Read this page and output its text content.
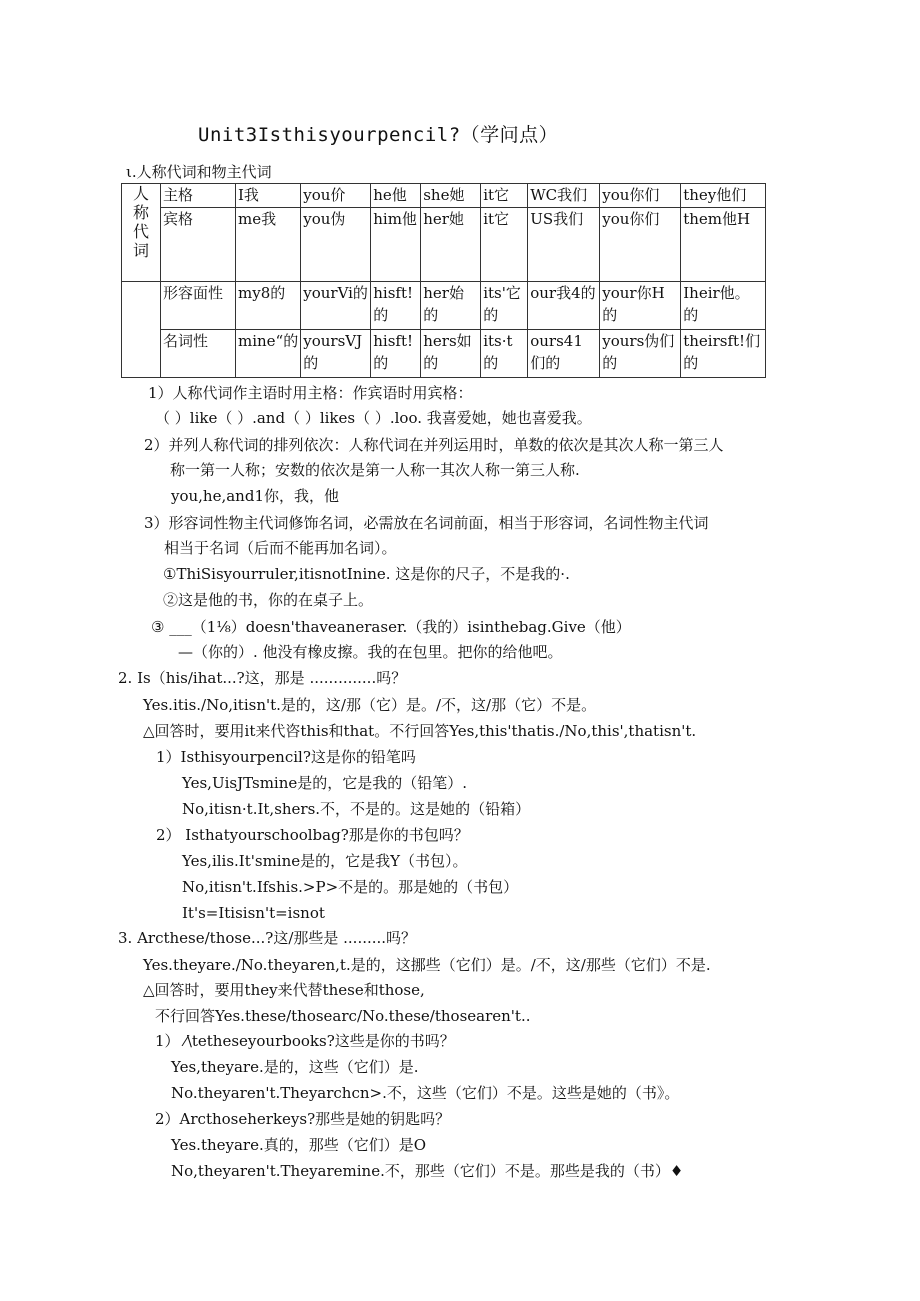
Unit3Isthisyourpencil?（学问点）
ι.人称代词和物主代词
人称代词	主格	I我	you价	he他	she她	it它	WC我们	you你们	they他们
	宾格	me我	you伪	him他	her她	it它	US我们	you你们	them他H
	形容面性	my8的	yourVi的	hisft!的	her始的	its'它的	our我4的	your你H的	Iheir他。的
	名词性	mine“的	yoursVJ的	hisft!的	hers如的	its·t的	ours41们的	yours伪们的	theirsft!们的
1）人称代词作主语时用主格：作宾语时用宾格：
（ ）like（ ）.and（ ）likes（ ）.loo. 我喜爱她，她也喜爱我。
2）并列人称代词的排列依次：人称代词在并列运用时，单数的依次是其次人称一第三人
称一第一人称；安数的依次是第一人称一其次人称一第三人称.
you,he,and1你，我，他
3）形容词性物主代词修饰名词，必需放在名词前面，相当于形容词，名词性物主代词
相当于名词（后而不能再加名词）。
①ThiSisyourruler,itisnotInine. 这是你的尺子，不是我的·.
②这是他的书，你的在桌子上。
③ ___（1⅛）doesn'thaveaneraser.（我的）isinthebag.Give（他）
—（你的）. 他没有橡皮擦。我的在包里。把你的给他吧。
2. Is（his∕ihat...?这，那是 ..............吗？
Yes.itis./No,itisn't.是的，这/那（它）是。/不，这/那（它）不是。
△回答时，要用it来代咨this和that。不行回答Yes,this'thatis./No,this',thatisn't.
1）Isthisyourpencil?这是你的铅笔吗
Yes,UisJTsmine是的，它是我的（铅笔）.
No,itisn·t.It,shers.不，不是的。这是她的（铅箱）
2） Isthatyourschoolbag?那是你的书包吗？
Yes,ilis.It'smine是的，它是我Y（书包）。
No,itisn't.Ifshis.>P>不是的。那是她的（书包）
It's=Itisisn't=isnot
3. Arcthese/those...?这/那些是 .........吗？
Yes.theyare./No.theyaren,t.是的，这挪些（它们）是。/不，这/那些（它们）不是.
△回答时，要用they来代替these和those,
不行回答Yes.these/thosearc/No.these/thosearen't..
1） ⁄\tetheseyourbooks?这些是你的书吗？
Yes,theyare.是的，这些（它们）是.
No.theyaren't.Theyarchcn>.不，这些（它们）不是。这些是她的（书》。
2）Arcthoseherkeys?那些是她的钥匙吗？
Yes.theyare.真的，那些（它们）是O
No,theyaren't.Theyaremine.不，那些（它们）不是。那些是我的（书）♦
